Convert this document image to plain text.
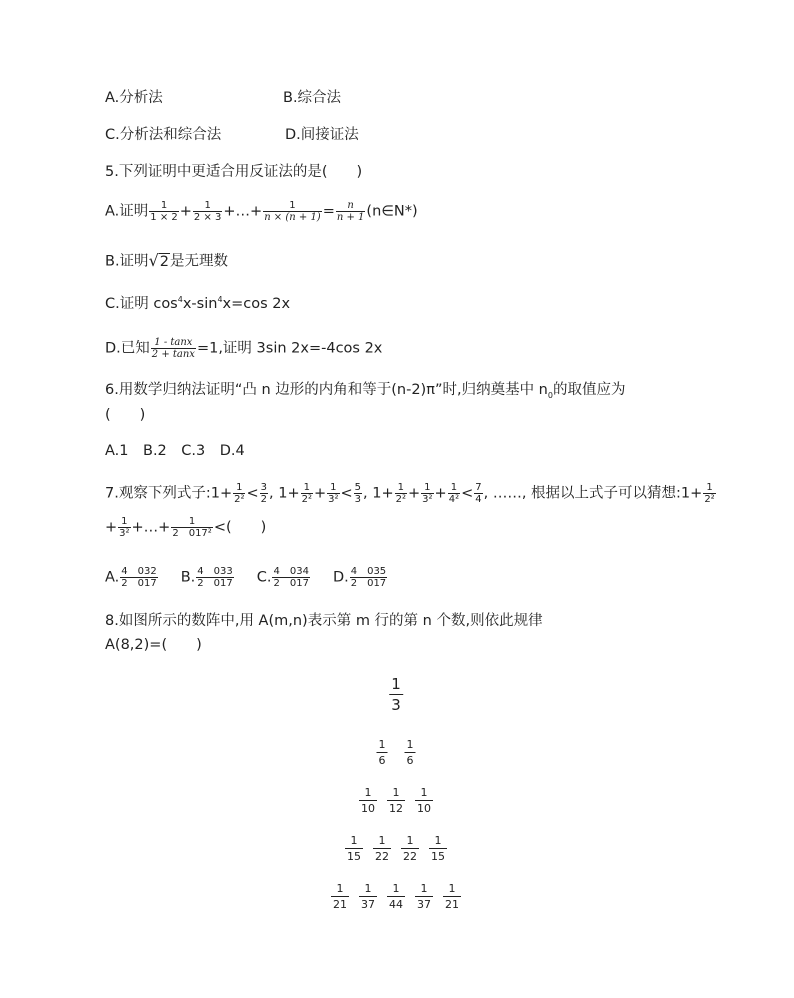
A.分析法	B.综合法
C.分析法和综合法	D.间接证法
5.下列证明中更适合用反证法的是(　　)
A.证明 $\frac{1}{1 \times 2} + \frac{1}{2 \times 3}$ +…+ $\frac{1}{n \times (n + 1)} = \frac{n}{n + 1}$ (n∈N*)
B.证明√2是无理数
C.证明 $\cos^4x-\sin^4x=\cos$ 2x
D.已知 $\frac{1 - \tan x}{2 + \tan x} =1$,证明 3sin 2x=-4cos 2x
6.用数学归纳法证明“凸 n 边形的内角和等于(n-2)π”时,归纳奠基中 $n_0$的取值应为
(　　)
A.1　B.2　C.3　D.4
7.观察下列式子:1+ $\frac{1}{\text{2²}} < \frac{3}{2}$ , $1+ \frac{1}{\text{2²}} + \frac{1}{\text{3²}} < \frac{5}{3}$ , $1+ \frac{1}{\text{2²}} + \frac{1}{\text{3²}} + \frac{1}{\text{4²}} < \frac{7}{4}$ , ……, 根据以上式子可以猜想:1+ $\frac{1}{\text{2²}}$
+ $\frac{1}{\text{3²}}$ +…+ $\frac{1}{\text{2　017²}}$ <(　　)
A. $\frac{4 032}{2 017} B$. $\frac{4 033}{2 017} C$. $\frac{4 034}{2 017} D$. $\frac{4 035}{2 017}$
8.如图所示的数阵中,用 A(m,n)表示第 m 行的第 n 个数,则依此规律
A(8,2)=(　　)
$\frac{1}{3}$
$\frac{1}{6} \frac{1}{6}$
$\frac{1}{10} \frac{1}{12} \frac{1}{10}$
$\frac{1}{15} \frac{1}{22} \frac{1}{22} \frac{1}{15}$
$\frac{1}{21} \frac{1}{37} \frac{1}{44} \frac{1}{37} \frac{1}{21}$
